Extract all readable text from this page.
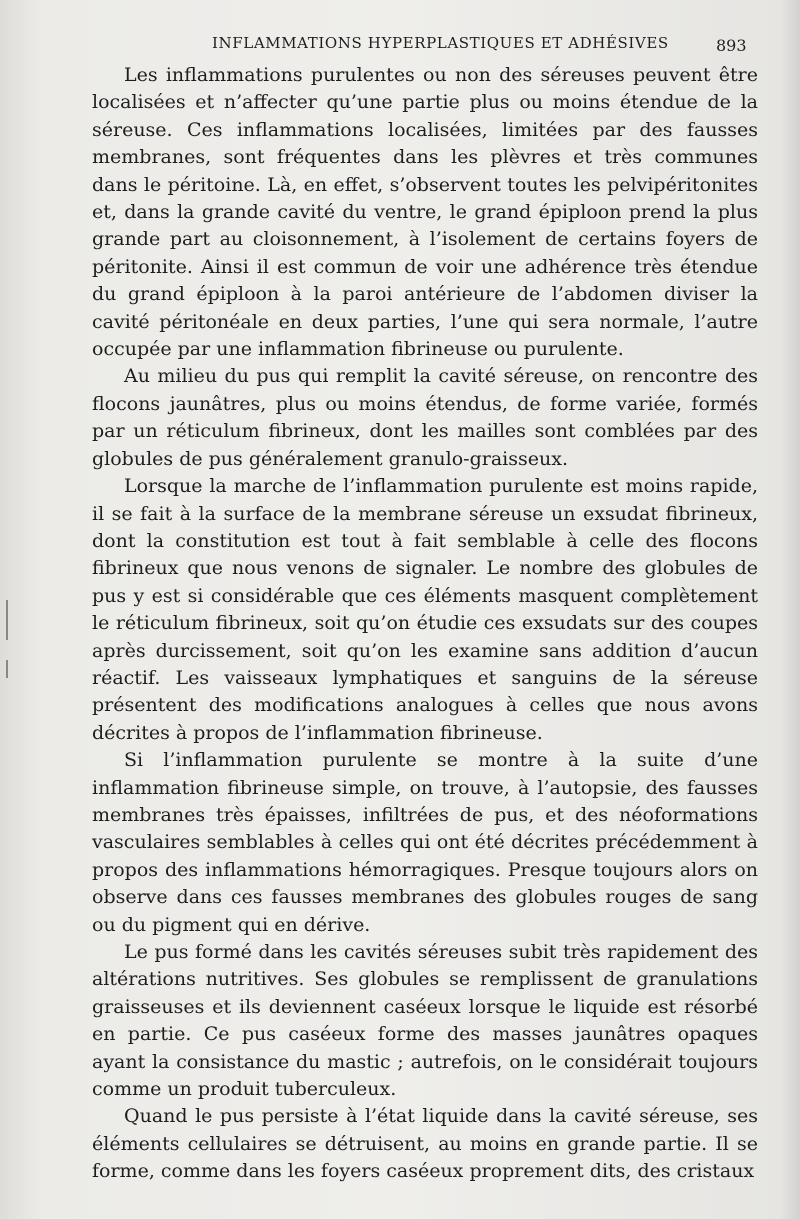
INFLAMMATIONS HYPERPLASTIQUES ET ADHÉSIVES	893

Les inflammations purulentes ou non des séreuses peuvent être localisées et n’affecter qu’une partie plus ou moins étendue de la séreuse. Ces inflammations localisées, limitées par des fausses membranes, sont fréquentes dans les plèvres et très communes dans le péritoine. Là, en effet, s’observent toutes les pelvipéritonites et, dans la grande cavité du ventre, le grand épiploon prend la plus grande part au cloisonnement, à l’isolement de certains foyers de péritonite. Ainsi il est commun de voir une adhérence très étendue du grand épiploon à la paroi antérieure de l’abdomen diviser la cavité péritonéale en deux parties, l’une qui sera normale, l’autre occupée par une inflammation fibrineuse ou purulente.

Au milieu du pus qui remplit la cavité séreuse, on rencontre des flocons jaunâtres, plus ou moins étendus, de forme variée, formés par un réticulum fibrineux, dont les mailles sont comblées par des globules de pus généralement granulo-graisseux.

Lorsque la marche de l’inflammation purulente est moins rapide, il se fait à la surface de la membrane séreuse un exsudat fibrineux, dont la constitution est tout à fait semblable à celle des flocons fibrineux que nous venons de signaler. Le nombre des globules de pus y est si considérable que ces éléments masquent complètement le réticulum fibrineux, soit qu’on étudie ces exsudats sur des coupes après durcissement, soit qu’on les examine sans addition d’aucun réactif. Les vaisseaux lymphatiques et sanguins de la séreuse présentent des modifications analogues à celles que nous avons décrites à propos de l’inflammation fibrineuse.

Si l’inflammation purulente se montre à la suite d’une inflammation fibrineuse simple, on trouve, à l’autopsie, des fausses membranes très épaisses, infiltrées de pus, et des néoformations vasculaires semblables à celles qui ont été décrites précédemment à propos des inflammations hémorragiques. Presque toujours alors on observe dans ces fausses membranes des globules rouges de sang ou du pigment qui en dérive.

Le pus formé dans les cavités séreuses subit très rapidement des altérations nutritives. Ses globules se remplissent de granulations graisseuses et ils deviennent caséeux lorsque le liquide est résorbé en partie. Ce pus caséeux forme des masses jaunâtres opaques ayant la consistance du mastic ; autrefois, on le considérait toujours comme un produit tuberculeux.

Quand le pus persiste à l’état liquide dans la cavité séreuse, ses éléments cellulaires se détruisent, au moins en grande partie. Il se forme, comme dans les foyers caséeux proprement dits, des cristaux
